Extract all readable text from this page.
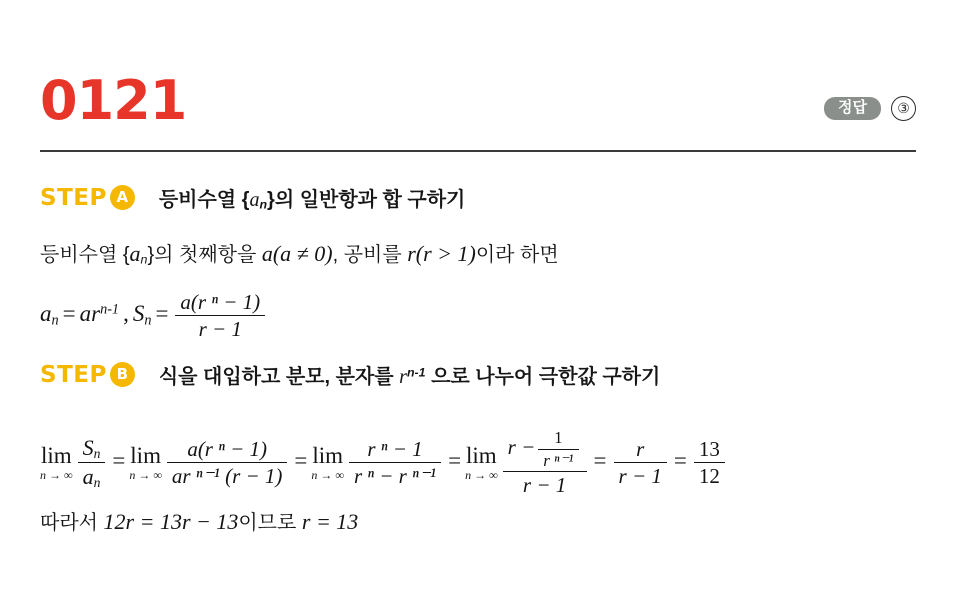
0121	정답	③
STEP A	등비수열 $\{a_n\}$의 일반항과 합 구하기
등비수열 $\{a_n\}$의 첫째항을 a(a ≠ 0), 공비를 r(r > 1)이라 하면
$a_n = ar^{n-1}$ , $S_n = \frac{\text{a(r ⁿ − 1)}}{r - 1}$
STEP B	식을 대입하고 분모, 분자를 $r^{n-1}$ 으로 나누어 극한값 구하기
lim
n → ∞ $\frac{S_n}{a_n} = \lim$
n → ∞ $\frac{\text{a(r ⁿ − 1)}}{\text{ar ⁿ⁻¹ (r − 1)}} = \lim$
n → ∞ $\frac{\text{r ⁿ − 1}}{\text{r ⁿ − r ⁿ⁻¹}} = \lim$
n → ∞ $\frac{r - \frac{1}{\text{r ⁿ⁻¹}}}{r - 1} = \frac{r}{r - 1} = \frac{13}{12}$
따라서 12r = 13r − 13이므로 r = 13
